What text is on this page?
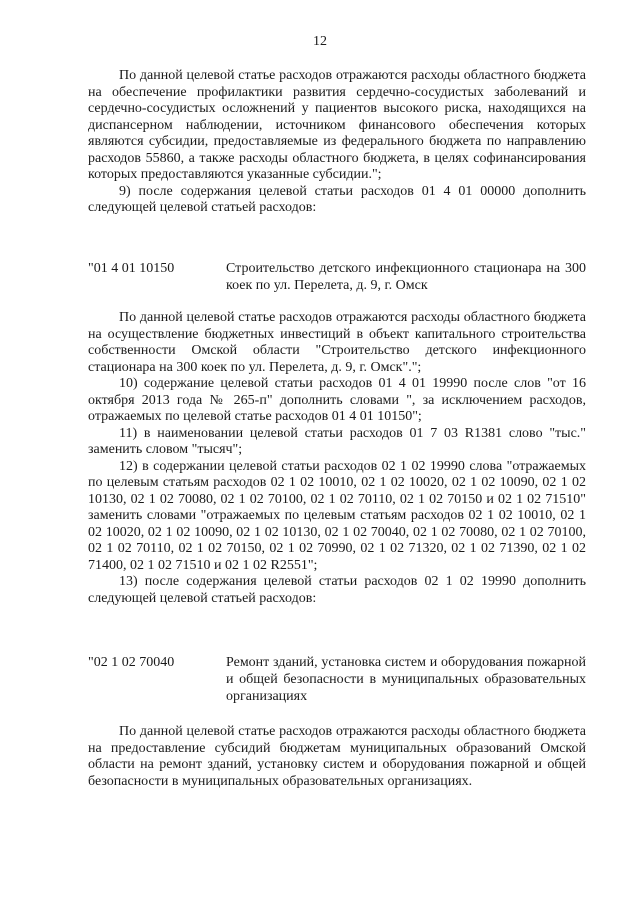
12

По данной целевой статье расходов отражаются расходы областного бюджета на обеспечение профилактики развития сердечно-сосудистых заболеваний и сердечно-сосудистых осложнений у пациентов высокого риска, находящихся на диспансерном наблюдении, источником финансового обеспечения которых являются субсидии, предоставляемые из федерального бюджета по направлению расходов 55860, а также расходы областного бюджета, в целях софинансирования которых предоставляются указанные субсидии.";

9) после содержания целевой статьи расходов 01 4 01 00000 дополнить следующей целевой статьей расходов:

"01 4 01 10150	Строительство детского инфекционного стационара на 300 коек по ул. Перелета, д. 9, г. Омск

По данной целевой статье расходов отражаются расходы областного бюджета на осуществление бюджетных инвестиций в объект капитального строительства собственности Омской области "Строительство детского инфекционного стационара на 300 коек по ул. Перелета, д. 9, г. Омск".";

10) содержание целевой статьи расходов 01 4 01 19990 после слов "от 16 октября 2013 года № 265-п" дополнить словами ", за исключением расходов, отражаемых по целевой статье расходов 01 4 01 10150";

11) в наименовании целевой статьи расходов 01 7 03 R1381 слово "тыс." заменить словом "тысяч";

12) в содержании целевой статьи расходов 02 1 02 19990 слова "отражаемых по целевым статьям расходов 02 1 02 10010, 02 1 02 10020, 02 1 02 10090, 02 1 02 10130, 02 1 02 70080, 02 1 02 70100, 02 1 02 70110, 02 1 02 70150 и 02 1 02 71510" заменить словами "отражаемых по целевым статьям расходов 02 1 02 10010, 02 1 02 10020, 02 1 02 10090, 02 1 02 10130, 02 1 02 70040, 02 1 02 70080, 02 1 02 70100, 02 1 02 70110, 02 1 02 70150, 02 1 02 70990, 02 1 02 71320, 02 1 02 71390, 02 1 02 71400, 02 1 02 71510 и 02 1 02 R2551";

13) после содержания целевой статьи расходов 02 1 02 19990 дополнить следующей целевой статьей расходов:

"02 1 02 70040	Ремонт зданий, установка систем и оборудования пожарной и общей безопасности в муниципальных образовательных организациях

По данной целевой статье расходов отражаются расходы областного бюджета на предоставление субсидий бюджетам муниципальных образований Омской области на ремонт зданий, установку систем и оборудования пожарной и общей безопасности в муниципальных образовательных организациях.
